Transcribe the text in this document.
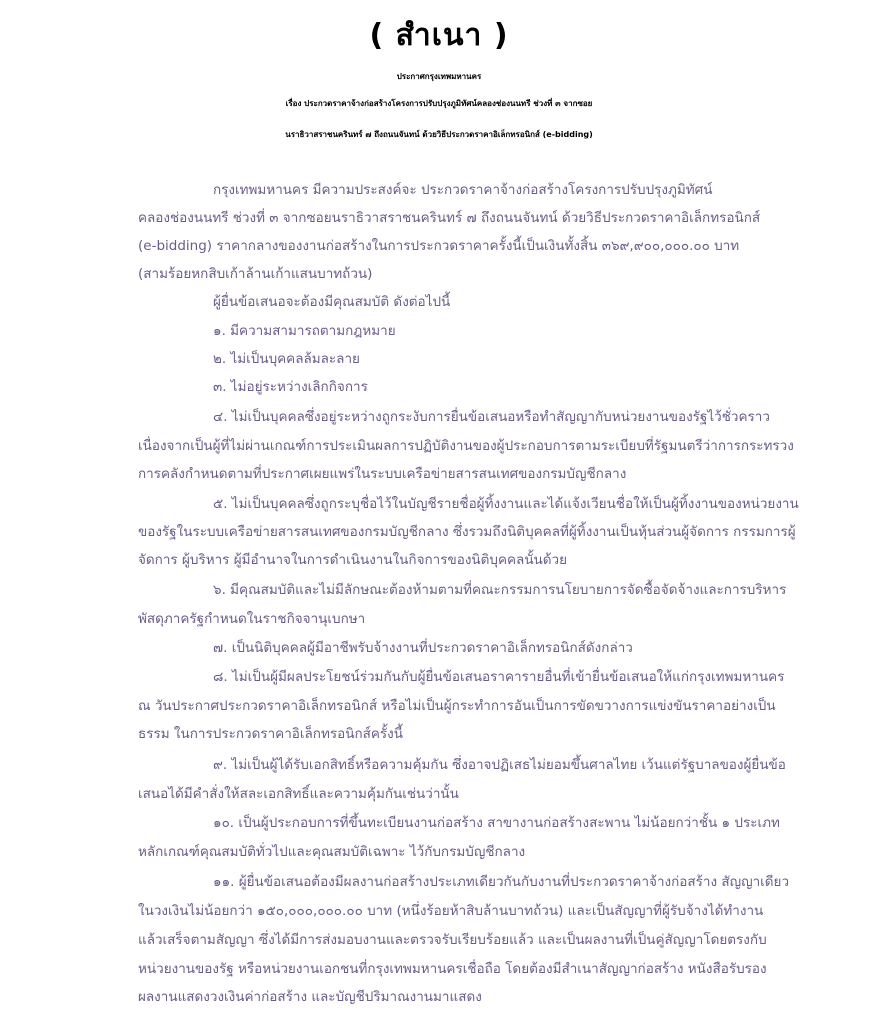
( สำเนา )
ประกาศกรุงเทพมหานคร
เรื่อง ประกวดราคาจ้างก่อสร้างโครงการปรับปรุงภูมิทัศน์คลองช่องนนทรี ช่วงที่ ๓ จากซอย
นราธิวาสราชนครินทร์ ๗ ถึงถนนจันทน์ ด้วยวิธีประกวดราคาอิเล็กทรอนิกส์ (e-bidding)
กรุงเทพมหานคร มีความประสงค์จะ ประกวดราคาจ้างก่อสร้างโครงการปรับปรุงภูมิทัศน์
คลองช่องนนทรี ช่วงที่ ๓ จากซอยนราธิวาสราชนครินทร์ ๗ ถึงถนนจันทน์ ด้วยวิธีประกวดราคาอิเล็กทรอนิกส์
(e-bidding) ราคากลางของงานก่อสร้างในการประกวดราคาครั้งนี้เป็นเงินทั้งสิ้น ๓๖๙,๙๐๐,๐๐๐.๐๐ บาท
(สามร้อยหกสิบเก้าล้านเก้าแสนบาทถ้วน)
ผู้ยื่นข้อเสนอจะต้องมีคุณสมบัติ ดังต่อไปนี้
๑. มีความสามารถตามกฎหมาย
๒. ไม่เป็นบุคคลล้มละลาย
๓. ไม่อยู่ระหว่างเลิกกิจการ
๔. ไม่เป็นบุคคลซึ่งอยู่ระหว่างถูกระงับการยื่นข้อเสนอหรือทำสัญญากับหน่วยงานของรัฐไว้ชั่วคราว
เนื่องจากเป็นผู้ที่ไม่ผ่านเกณฑ์การประเมินผลการปฏิบัติงานของผู้ประกอบการตามระเบียบที่รัฐมนตรีว่าการกระทรวง
การคลังกำหนดตามที่ประกาศเผยแพร่ในระบบเครือข่ายสารสนเทศของกรมบัญชีกลาง
๕. ไม่เป็นบุคคลซึ่งถูกระบุชื่อไว้ในบัญชีรายชื่อผู้ทิ้งงานและได้แจ้งเวียนชื่อให้เป็นผู้ทิ้งงานของหน่วยงาน
ของรัฐในระบบเครือข่ายสารสนเทศของกรมบัญชีกลาง ซึ่งรวมถึงนิติบุคคลที่ผู้ทิ้งงานเป็นหุ้นส่วนผู้จัดการ กรรมการผู้
จัดการ ผู้บริหาร ผู้มีอำนาจในการดำเนินงานในกิจการของนิติบุคคลนั้นด้วย
๖. มีคุณสมบัติและไม่มีลักษณะต้องห้ามตามที่คณะกรรมการนโยบายการจัดซื้อจัดจ้างและการบริหาร
พัสดุภาครัฐกำหนดในราชกิจจานุเบกษา
๗. เป็นนิติบุคคลผู้มีอาชีพรับจ้างงานที่ประกวดราคาอิเล็กทรอนิกส์ดังกล่าว
๘. ไม่เป็นผู้มีผลประโยชน์ร่วมกันกับผู้ยื่นข้อเสนอราคารายอื่นที่เข้ายื่นข้อเสนอให้แก่กรุงเทพมหานคร
ณ วันประกาศประกวดราคาอิเล็กทรอนิกส์ หรือไม่เป็นผู้กระทำการอันเป็นการขัดขวางการแข่งขันราคาอย่างเป็น
ธรรม ในการประกวดราคาอิเล็กทรอนิกส์ครั้งนี้
๙. ไม่เป็นผู้ได้รับเอกสิทธิ์หรือความคุ้มกัน ซึ่งอาจปฏิเสธไม่ยอมขึ้นศาลไทย เว้นแต่รัฐบาลของผู้ยื่นข้อ
เสนอได้มีคำสั่งให้สละเอกสิทธิ์และความคุ้มกันเช่นว่านั้น
๑๐. เป็นผู้ประกอบการที่ขึ้นทะเบียนงานก่อสร้าง สาขางานก่อสร้างสะพาน ไม่น้อยกว่าชั้น ๑ ประเภท
หลักเกณฑ์คุณสมบัติทั่วไปและคุณสมบัติเฉพาะ ไว้กับกรมบัญชีกลาง
๑๑. ผู้ยื่นข้อเสนอต้องมีผลงานก่อสร้างประเภทเดียวกันกับงานที่ประกวดราคาจ้างก่อสร้าง สัญญาเดียว
ในวงเงินไม่น้อยกว่า ๑๕๐,๐๐๐,๐๐๐.๐๐ บาท (หนึ่งร้อยห้าสิบล้านบาทถ้วน) และเป็นสัญญาที่ผู้รับจ้างได้ทำงาน
แล้วเสร็จตามสัญญา ซึ่งได้มีการส่งมอบงานและตรวจรับเรียบร้อยแล้ว และเป็นผลงานที่เป็นคู่สัญญาโดยตรงกับ
หน่วยงานของรัฐ หรือหน่วยงานเอกชนที่กรุงเทพมหานครเชื่อถือ โดยต้องมีสำเนาสัญญาก่อสร้าง หนังสือรับรอง
ผลงานแสดงวงเงินค่าก่อสร้าง และบัญชีปริมาณงานมาแสดง
